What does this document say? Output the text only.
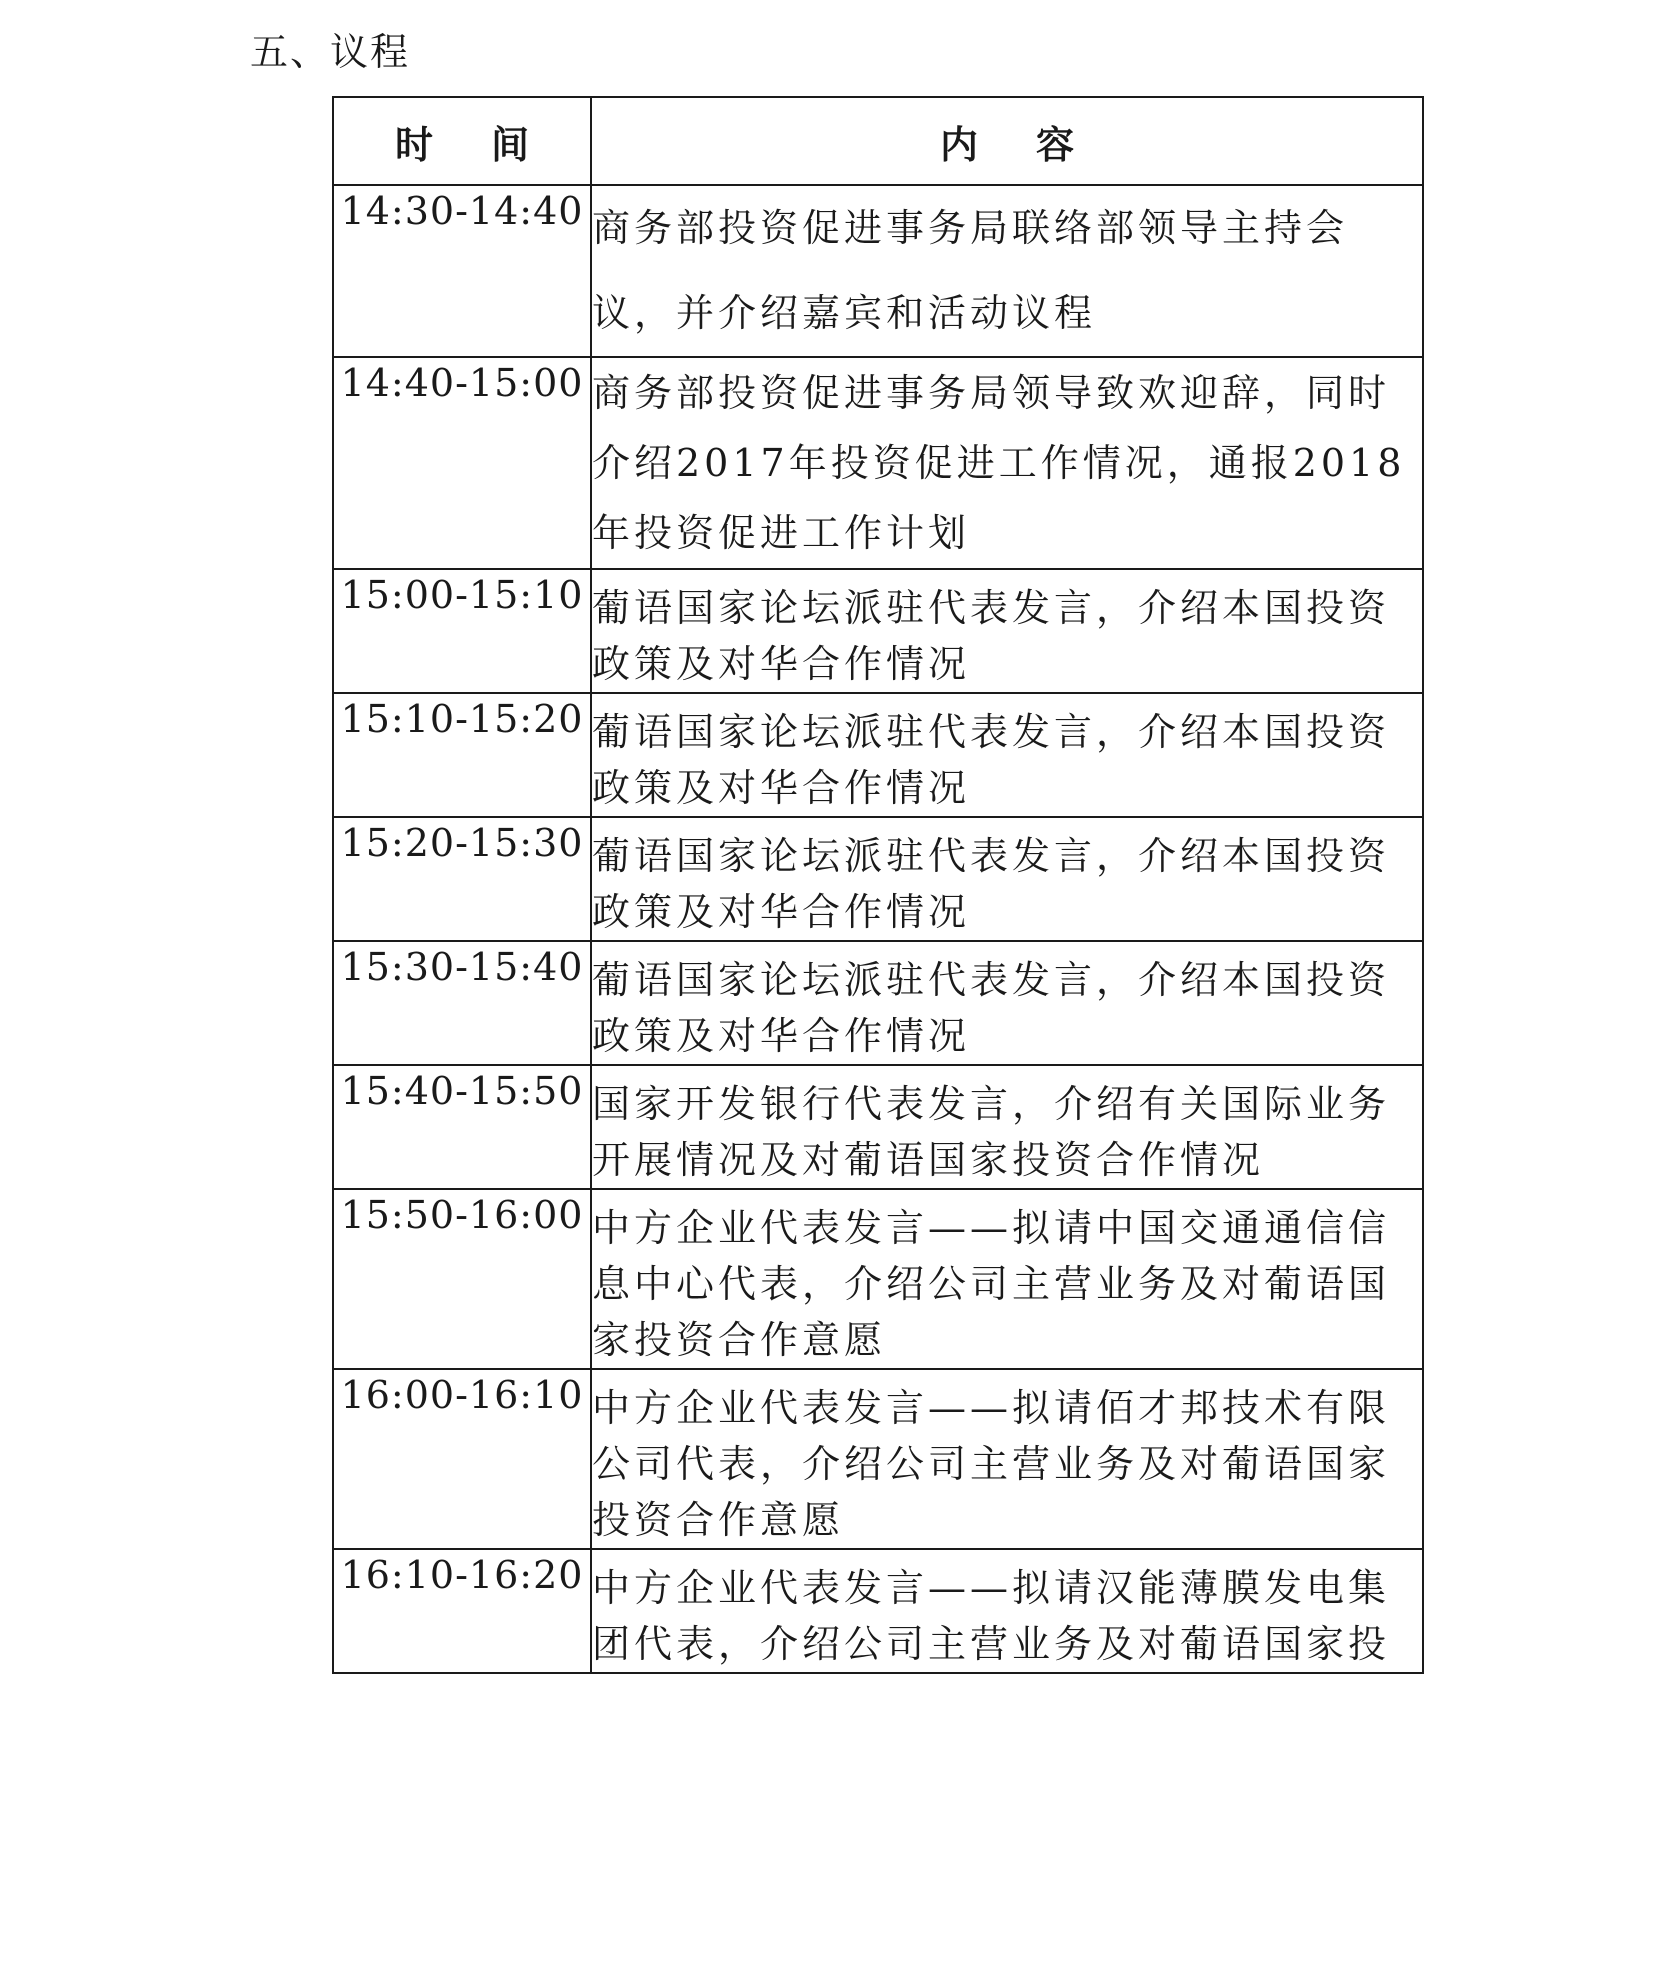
五、议程
时间	内容
14:30-14:40	商务部投资促进事务局联络部领导主持会议，并介绍嘉宾和活动议程
14:40-15:00	商务部投资促进事务局领导致欢迎辞，同时介绍2017年投资促进工作情况，通报2018年投资促进工作计划
15:00-15:10	葡语国家论坛派驻代表发言，介绍本国投资政策及对华合作情况
15:10-15:20	葡语国家论坛派驻代表发言，介绍本国投资政策及对华合作情况
15:20-15:30	葡语国家论坛派驻代表发言，介绍本国投资政策及对华合作情况
15:30-15:40	葡语国家论坛派驻代表发言，介绍本国投资政策及对华合作情况
15:40-15:50	国家开发银行代表发言，介绍有关国际业务开展情况及对葡语国家投资合作情况
15:50-16:00	中方企业代表发言——拟请中国交通通信信息中心代表，介绍公司主营业务及对葡语国家投资合作意愿
16:00-16:10	中方企业代表发言——拟请佰才邦技术有限公司代表，介绍公司主营业务及对葡语国家投资合作意愿
16:10-16:20	中方企业代表发言——拟请汉能薄膜发电集团代表，介绍公司主营业务及对葡语国家投
